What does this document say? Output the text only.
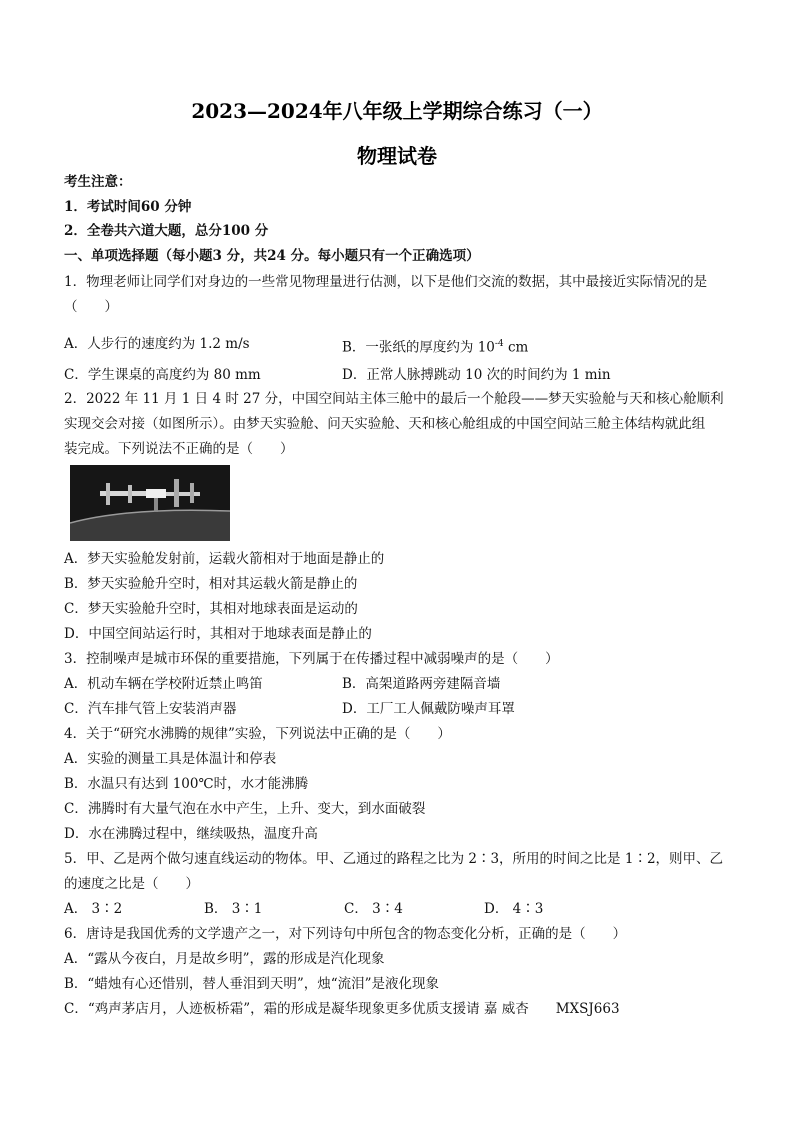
2023—2024年八年级上学期综合练习（一）
物理试卷
考生注意：
1．考试时间60 分钟
2．全卷共六道大题，总分100 分
一、单项选择题（每小题3 分，共24 分。每小题只有一个正确选项）
1．物理老师让同学们对身边的一些常见物理量进行估测，以下是他们交流的数据，其中最接近实际情况的是
（　　）
A．人步行的速度约为 1.2 m/s	B．一张纸的厚度约为 $10^{-4}$ cm
C．学生课桌的高度约为 80 mm	D．正常人脉搏跳动 10 次的时间约为 1 min
2．2022 年 11 月 1 日 4 时 27 分，中国空间站主体三舱中的最后一个舱段——梦天实验舱与天和核心舱顺利
实现交会对接（如图所示）。由梦天实验舱、问天实验舱、天和核心舱组成的中国空间站三舱主体结构就此组
装完成。下列说法不正确的是（　　）
A．梦天实验舱发射前，运载火箭相对于地面是静止的
B．梦天实验舱升空时，相对其运载火箭是静止的
C．梦天实验舱升空时，其相对地球表面是运动的
D．中国空间站运行时，其相对于地球表面是静止的
3．控制噪声是城市环保的重要措施，下列属于在传播过程中减弱噪声的是（　　）
A．机动车辆在学校附近禁止鸣笛	B．高架道路两旁建隔音墙
C．汽车排气管上安装消声器	D．工厂工人佩戴防噪声耳罩
4．关于“研究水沸腾的规律”实验，下列说法中正确的是（　　）
A．实验的测量工具是体温计和停表
B．水温只有达到 100℃时，水才能沸腾
C．沸腾时有大量气泡在水中产生，上升、变大，到水面破裂
D．水在沸腾过程中，继续吸热，温度升高
5．甲、乙是两个做匀速直线运动的物体。甲、乙通过的路程之比为 2∶3，所用的时间之比是 1∶2，则甲、乙
的速度之比是（　　）
A． 3∶2	B． 3∶1	C． 3∶4	D． 4∶3
6．唐诗是我国优秀的文学遗产之一，对下列诗句中所包含的物态变化分析，正确的是（　　）
A．“露从今夜白，月是故乡明”，露的形成是汽化现象
B．“蜡烛有心还惜别，替人垂泪到天明”，烛“流泪”是液化现象
C．“鸡声茅店月，人迹板桥霜”，霜的形成是凝华现象更多优质支援请 嘉 威杏　　MXSJ663
